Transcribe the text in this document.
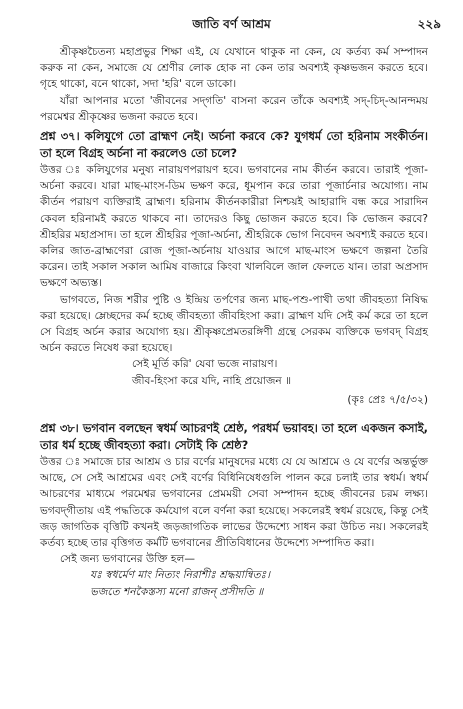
জাতি বর্ণ আশ্রম	২২৯

শ্রীকৃষ্ণচৈতন্য মহাপ্রভুর শিক্ষা এই, যে যেখানে থাকুক না কেন, যে কর্তব্য কর্ম সম্পাদন করুক না কেন, সমাজে যে শ্রেণীর লোক হোক না কেন তার অবশ্যই কৃষ্ণভজন করতে হবে। গৃহে থাকো, বনে থাকো, সদা 'হরি' বলে ডাকো।

যাঁরা আপনার মতো 'জীবনের সদ্‌গতি' বাসনা করেন তাঁকে অবশ্যই সদ্‌-চিদ্‌-আনন্দময় পরমেশ্বর শ্রীকৃষ্ণের ভজনা করতে হবে।

প্রশ্ন ৩৭। কলিযুগে তো ব্রাহ্মণ নেই। অর্চনা করবে কে? যুগধর্ম তো হরিনাম সংকীর্তন। তা হলে বিগ্রহ অর্চনা না করলেও তো চলে?

উত্তর ঃ কলিযুগের মনুষ্য নারায়ণপরায়ণ হবে। ভগবানের নাম কীর্তন করবে। তারাই পূজা-অর্চনা করবে। যারা মাছ-মাংস-ডিম ভক্ষণ করে, ধূমপান করে তারা পূজার্চনার অযোগ্য। নাম কীর্তন পরায়ণ ব্যক্তিরাই ব্রাহ্মণ। হরিনাম কীর্তনকারীরা নিশ্চয়ই আহারাদি বন্ধ করে সারাদিন কেবল হরিনামই করতে থাকবে না। তাদেরও কিছু ভোজন করতে হবে। কি ভোজন করবে? শ্রীহরির মহাপ্রসাদ। তা হলে শ্রীহরির পূজা-অর্চনা, শ্রীহরিকে ভোগ নিবেদন অবশ্যই করতে হবে। কলির জাত-ব্রাহ্মণেরা রোজ পূজা-অর্চনায় যাওয়ার আগে মাছ-মাংস ভক্ষণে জল্পনা তৈরি করেন। তাই সকাল সকাল আমিষ বাজারে কিংবা খালবিলে জাল ফেলতে যান। তারা অপ্রসাদ ভক্ষণে অভ্যস্ত।

ভাগবতে, নিজ শরীর পুষ্টি ও ইন্দ্রিয় তর্পণের জন্য মাছ-পশু-পাখী তথা জীবহত্যা নিষিদ্ধ করা হয়েছে। ম্লেচ্ছদের কর্ম হচ্ছে জীবহত্যা জীবহিংসা করা। ব্রাহ্মণ যদি সেই কর্ম করে তা হলে সে বিগ্রহ অর্চন করার অযোগ্য হয়। শ্রীকৃষ্ণপ্রেমতরঙ্গিণী গ্রন্থে সেরকম ব্যক্তিকে ভগবদ্‌ বিগ্রহ অর্চন করতে নিষেধ করা হয়েছে।

সেই মূর্তি করি' যেবা ভজে নারায়ণ।

জীব-হিংসা করে যদি, নাহি প্রয়োজন ॥

(কৃঃ প্রেঃ ৭/৫/৩২)

প্রশ্ন ৩৮। ভগবান বলছেন স্বধর্ম আচরণই শ্রেষ্ঠ, পরধর্ম ভয়াবহ। তা হলে একজন কসাই, তার ধর্ম হচ্ছে জীবহত্যা করা। সেটাই কি শ্রেষ্ঠ?

উত্তর ঃ সমাজে চার আশ্রম ও চার বর্ণের মানুষদের মধ্যে যে যে আশ্রমে ও যে বর্ণের অন্তর্ভুক্ত আছে, সে সেই আশ্রমের এবং সেই বর্ণের বিধিনিষেধগুলি পালন করে চলাই তার স্বধর্ম। স্বধর্ম আচরণের মাধ্যমে পরমেশ্বর ভগবানের প্রেমময়ী সেবা সম্পাদন হচ্ছে জীবনের চরম লক্ষ্য। ভগবদ্‌গীতায় এই পদ্ধতিকে কর্মযোগ বলে বর্ণনা করা হয়েছে। সকলেরই স্বধর্ম রয়েছে, কিন্তু সেই জড় জাগতিক বৃত্তিটি কখনই জড়জাগতিক লাভের উদ্দেশ্যে সাধন করা উচিত নয়। সকলেরই কর্তব্য হচ্ছে তার বৃত্তিগত কর্মটি ভগবানের প্রীতিবিধানের উদ্দেশ্যে সম্পাদিত করা।

সেই জন্য ভগবানের উক্তি হল—

যঃ স্বধর্মেণ মাং নিত্যং নিরাশীঃ শ্রদ্ধয়ান্বিতঃ।

ভজতে শনকৈস্তস্য মনো রাজন্‌ প্রসীদতি ॥
